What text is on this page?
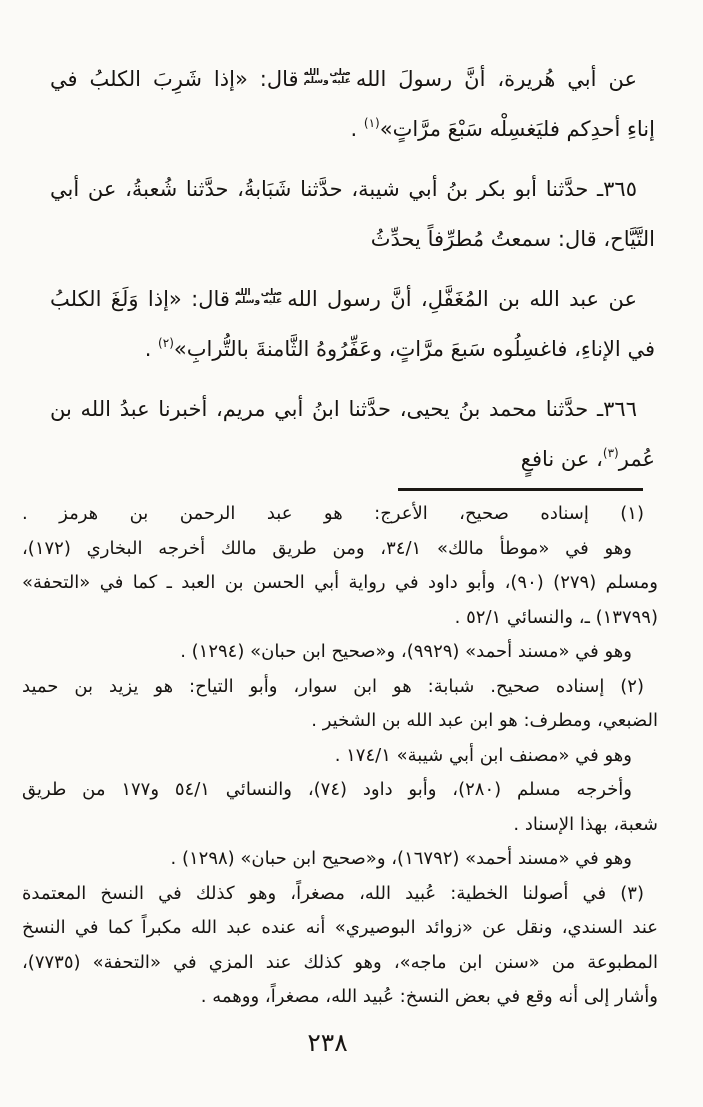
عن أبي هُريرة، أنَّ رسولَ الله
صلى الله
عليه وسلم
قال: «إذا شَرِبَ الكلبُ في
إناءِ أحدِكم فليَغسِلْه سَبْعَ مرَّاتٍ»$^{(١)}$ .
٣٦٥ـ حدَّثنا أبو بكر بنُ أبي شيبة، حدَّثنا شَبَابةُ، حدَّثنا شُعبةُ، عن أبي
التَّيَّاح، قال: سمعتُ مُطرِّفاً يحدِّثُ
عن عبد الله بن المُغَفَّلِ، أنَّ رسول الله
صلى الله
عليه وسلم
قال: «إذا وَلَغَ الكلبُ
في الإناءِ، فاغسِلُوه سَبعَ مرَّاتٍ، وعَفِّرُوهُ الثَّامنةَ بالتُّرابِ»$^{(٢)}$ .
٣٦٦ـ حدَّثنا محمد بنُ يحيى، حدَّثنا ابنُ أبي مريم، أخبرنا عبدُ الله بن
عُمر$^{(٣)}$، عن نافعٍ
(١) إسناده صحيح، الأعرج: هو عبد الرحمن بن هرمز .
وهو في «موطأ مالك» ١‏/‏٣٤، ومن طريق مالك أخرجه البخاري (١٧٢)،
ومسلم (٢٧٩) (٩٠)، وأبو داود في رواية أبي الحسن بن العبد ـ كما في «التحفة»
(١٣٧٩٩) ـ، والنسائي ١‏/‏٥٢ .
وهو في «مسند أحمد» (٩٩٢٩)، و«صحيح ابن حبان» (١٢٩٤) .
(٢) إسناده صحيح. شبابة: هو ابن سوار، وأبو التياح: هو يزيد بن حميد
الضبعي، ومطرف: هو ابن عبد الله بن الشخير .
وهو في «مصنف ابن أبي شيبة» ١‏/‏١٧٤ .
وأخرجه مسلم (٢٨٠)، وأبو داود (٧٤)، والنسائي ١‏/‏٥٤ و١٧٧ من طريق
شعبة، بهذا الإسناد .
وهو في «مسند أحمد» (١٦٧٩٢)، و«صحيح ابن حبان» (١٢٩٨) .
(٣) في أصولنا الخطية: عُبيد الله، مصغراً، وهو كذلك في النسخ المعتمدة
عند السندي، ونقل عن «زوائد البوصيري» أنه عنده عبد الله مكبراً كما في النسخ
المطبوعة من «سنن ابن ماجه»، وهو كذلك عند المزي في «التحفة» (٧٧٣٥)،
وأشار إلى أنه وقع في بعض النسخ: عُبيد الله، مصغراً، ووهمه .
٢٣٨
